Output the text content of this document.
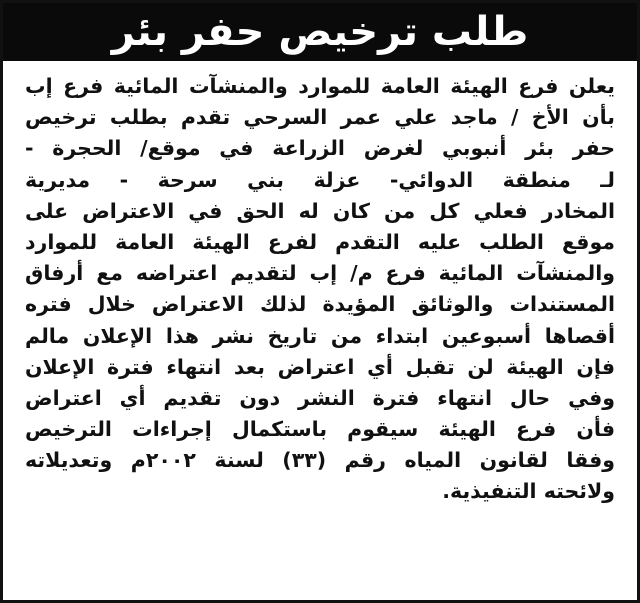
طلب ترخيص حفر بئر
يعلن فرع الهيئة العامة للموارد والمنشآت المائية فرع إب
بأن الأخ / ماجد علي عمر السرحي تقدم بطلب ترخيص
حفر بئر أنبوبي لغرض الزراعة في موقع/ الحجرة -
لـ منطقة الدوائي- عزلة بني سرحة - مديرية
المخادر فعلي كل من كان له الحق في الاعتراض على
موقع الطلب عليه التقدم لفرع الهيئة العامة للموارد
والمنشآت المائية فرع م/ إب لتقديم اعتراضه مع أرفاق
المستندات والوثائق المؤيدة لذلك الاعتراض خلال فتره
أقصاها أسبوعين ابتداء من تاريخ نشر هذا الإعلان مالم
فإن الهيئة لن تقبل أي اعتراض بعد انتهاء فترة الإعلان
وفي حال انتهاء فترة النشر دون تقديم أي اعتراض
فأن فرع الهيئة سيقوم باستكمال إجراءات الترخيص
وفقا لقانون المياه رقم (٣٣) لسنة ٢٠٠٢م وتعديلاته
ولائحته التنفيذية.
